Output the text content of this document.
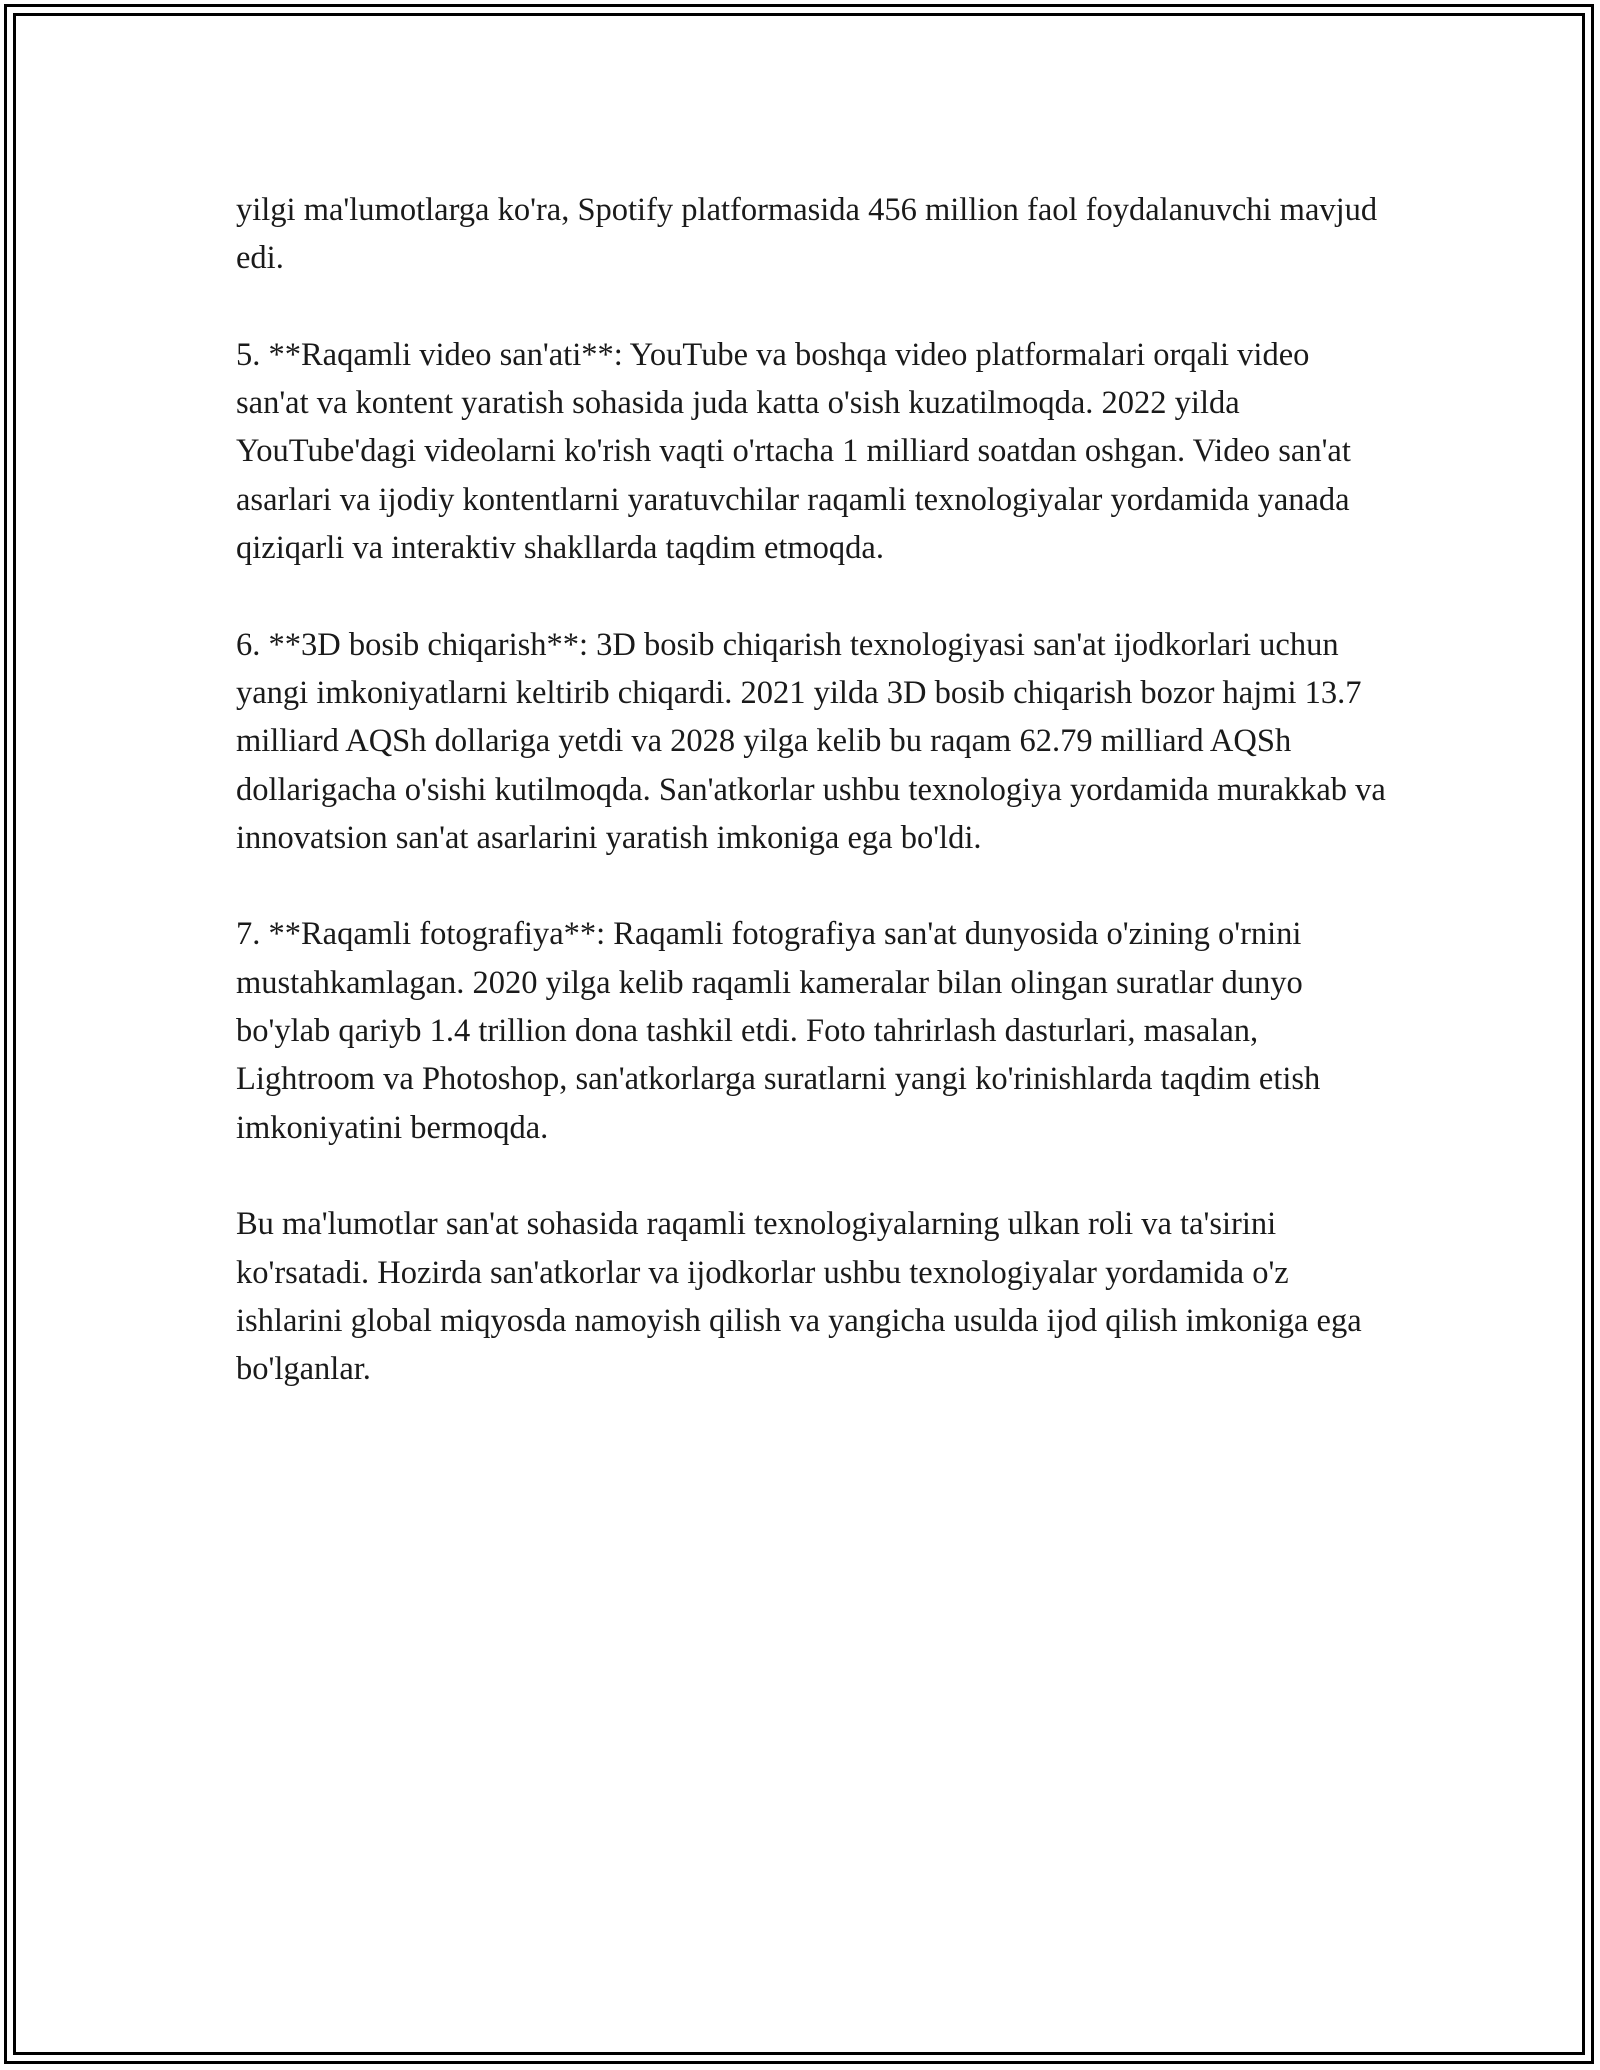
yilgi ma'lumotlarga ko'ra, Spotify platformasida 456 million faol foydalanuvchi mavjud edi.

5. **Raqamli video san'ati**: YouTube va boshqa video platformalari orqali video san'at va kontent yaratish sohasida juda katta o'sish kuzatilmoqda. 2022 yilda YouTube'dagi videolarni ko'rish vaqti o'rtacha 1 milliard soatdan oshgan. Video san'at asarlari va ijodiy kontentlarni yaratuvchilar raqamli texnologiyalar yordamida yanada qiziqarli va interaktiv shakllarda taqdim etmoqda.

6. **3D bosib chiqarish**: 3D bosib chiqarish texnologiyasi san'at ijodkorlari uchun yangi imkoniyatlarni keltirib chiqardi. 2021 yilda 3D bosib chiqarish bozor hajmi 13.7 milliard AQSh dollariga yetdi va 2028 yilga kelib bu raqam 62.79 milliard AQSh dollarigacha o'sishi kutilmoqda. San'atkorlar ushbu texnologiya yordamida murakkab va innovatsion san'at asarlarini yaratish imkoniga ega bo'ldi.

7. **Raqamli fotografiya**: Raqamli fotografiya san'at dunyosida o'zining o'rnini mustahkamlagan. 2020 yilga kelib raqamli kameralar bilan olingan suratlar dunyo bo'ylab qariyb 1.4 trillion dona tashkil etdi. Foto tahrirlash dasturlari, masalan, Lightroom va Photoshop, san'atkorlarga suratlarni yangi ko'rinishlarda taqdim etish imkoniyatini bermoqda.

Bu ma'lumotlar san'at sohasida raqamli texnologiyalarning ulkan roli va ta'sirini ko'rsatadi. Hozirda san'atkorlar va ijodkorlar ushbu texnologiyalar yordamida o'z ishlarini global miqyosda namoyish qilish va yangicha usulda ijod qilish imkoniga ega bo'lganlar.
